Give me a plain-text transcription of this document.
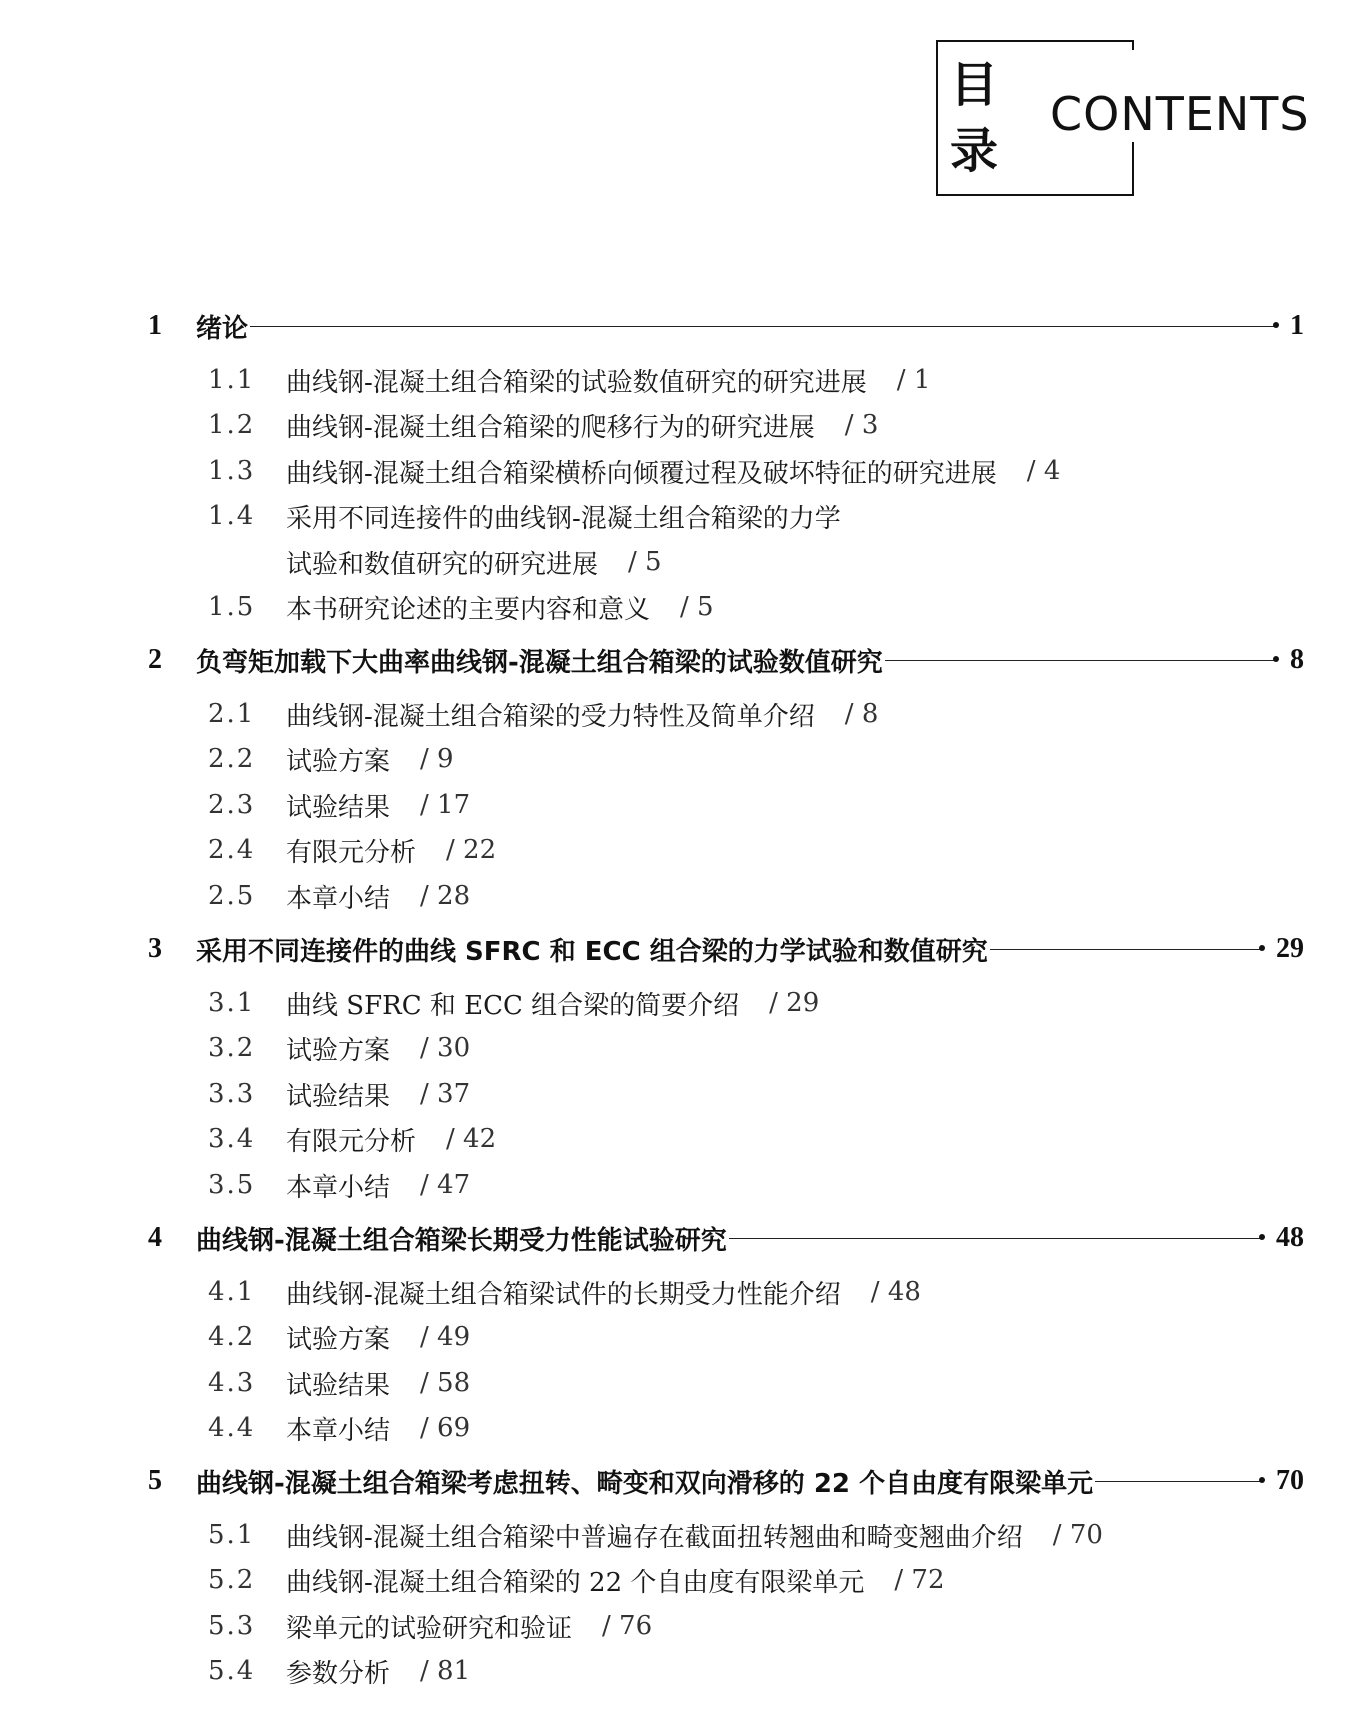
目
录
CONTENTS
1	绪论	1
1.1	曲线钢-混凝土组合箱梁的试验数值研究的研究进展 / 1
1.2	曲线钢-混凝土组合箱梁的爬移行为的研究进展 / 3
1.3	曲线钢-混凝土组合箱梁横桥向倾覆过程及破坏特征的研究进展 / 4
1.4	采用不同连接件的曲线钢-混凝土组合箱梁的力学
试验和数值研究的研究进展 / 5
1.5	本书研究论述的主要内容和意义 / 5
2	负弯矩加载下大曲率曲线钢-混凝土组合箱梁的试验数值研究	8
2.1	曲线钢-混凝土组合箱梁的受力特性及简单介绍 / 8
2.2	试验方案 / 9
2.3	试验结果 / 17
2.4	有限元分析 / 22
2.5	本章小结 / 28
3	采用不同连接件的曲线 SFRC 和 ECC 组合梁的力学试验和数值研究	29
3.1	曲线 SFRC 和 ECC 组合梁的简要介绍 / 29
3.2	试验方案 / 30
3.3	试验结果 / 37
3.4	有限元分析 / 42
3.5	本章小结 / 47
4	曲线钢-混凝土组合箱梁长期受力性能试验研究	48
4.1	曲线钢-混凝土组合箱梁试件的长期受力性能介绍 / 48
4.2	试验方案 / 49
4.3	试验结果 / 58
4.4	本章小结 / 69
5	曲线钢-混凝土组合箱梁考虑扭转、畸变和双向滑移的 22 个自由度有限梁单元	70
5.1	曲线钢-混凝土组合箱梁中普遍存在截面扭转翘曲和畸变翘曲介绍 / 70
5.2	曲线钢-混凝土组合箱梁的 22 个自由度有限梁单元 / 72
5.3	梁单元的试验研究和验证 / 76
5.4	参数分析 / 81
